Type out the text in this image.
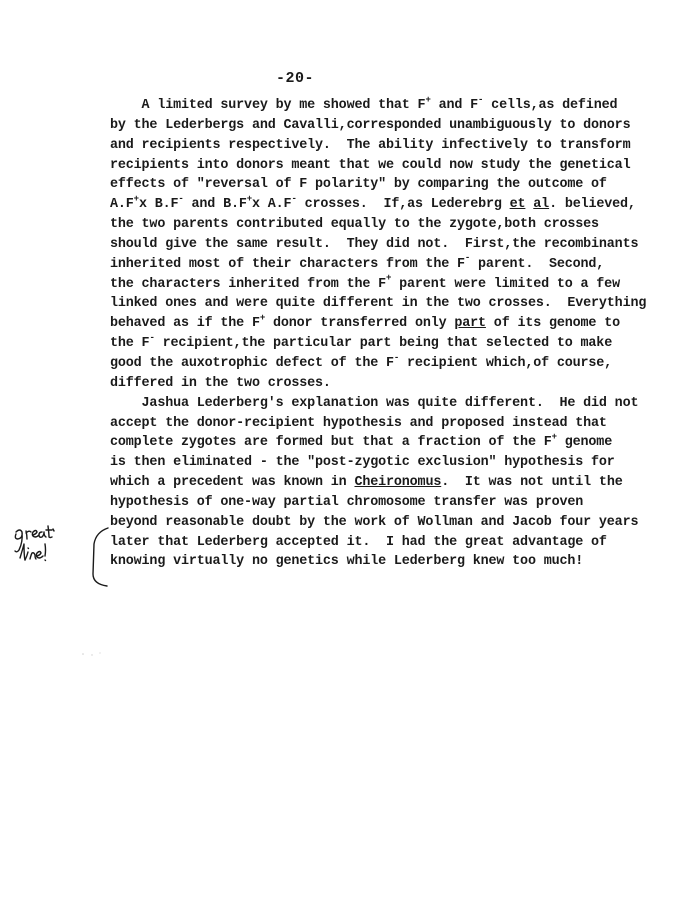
-20-
A limited survey by me showed that F+ and F- cells,as defined
by the Lederbergs and Cavalli,corresponded unambiguously to donors
and recipients respectively.  The ability infectively to transform
recipients into donors meant that we could now study the genetical
effects of "reversal of F polarity" by comparing the outcome of
A.F+x B.F- and B.F+x A.F- crosses.  If,as Lederebrg et al. believed,
the two parents contributed equally to the zygote,both crosses
should give the same result.  They did not.  First,the recombinants
inherited most of their characters from the F- parent.  Second,
the characters inherited from the F+ parent were limited to a few
linked ones and were quite different in the two crosses.  Everything
behaved as if the F+ donor transferred only part of its genome to
the F- recipient,the particular part being that selected to make
good the auxotrophic defect of the F- recipient which,of course,
differed in the two crosses.
Jashua Lederberg's explanation was quite different.  He did not
accept the donor-recipient hypothesis and proposed instead that
complete zygotes are formed but that a fraction of the F+ genome
is then eliminated - the "post-zygotic exclusion" hypothesis for
which a precedent was known in Cheironomus.  It was not until the
hypothesis of one-way partial chromosome transfer was proven
beyond reasonable doubt by the work of Wollman and Jacob four years
later that Lederberg accepted it.  I had the great advantage of
knowing virtually no genetics while Lederberg knew too much!
